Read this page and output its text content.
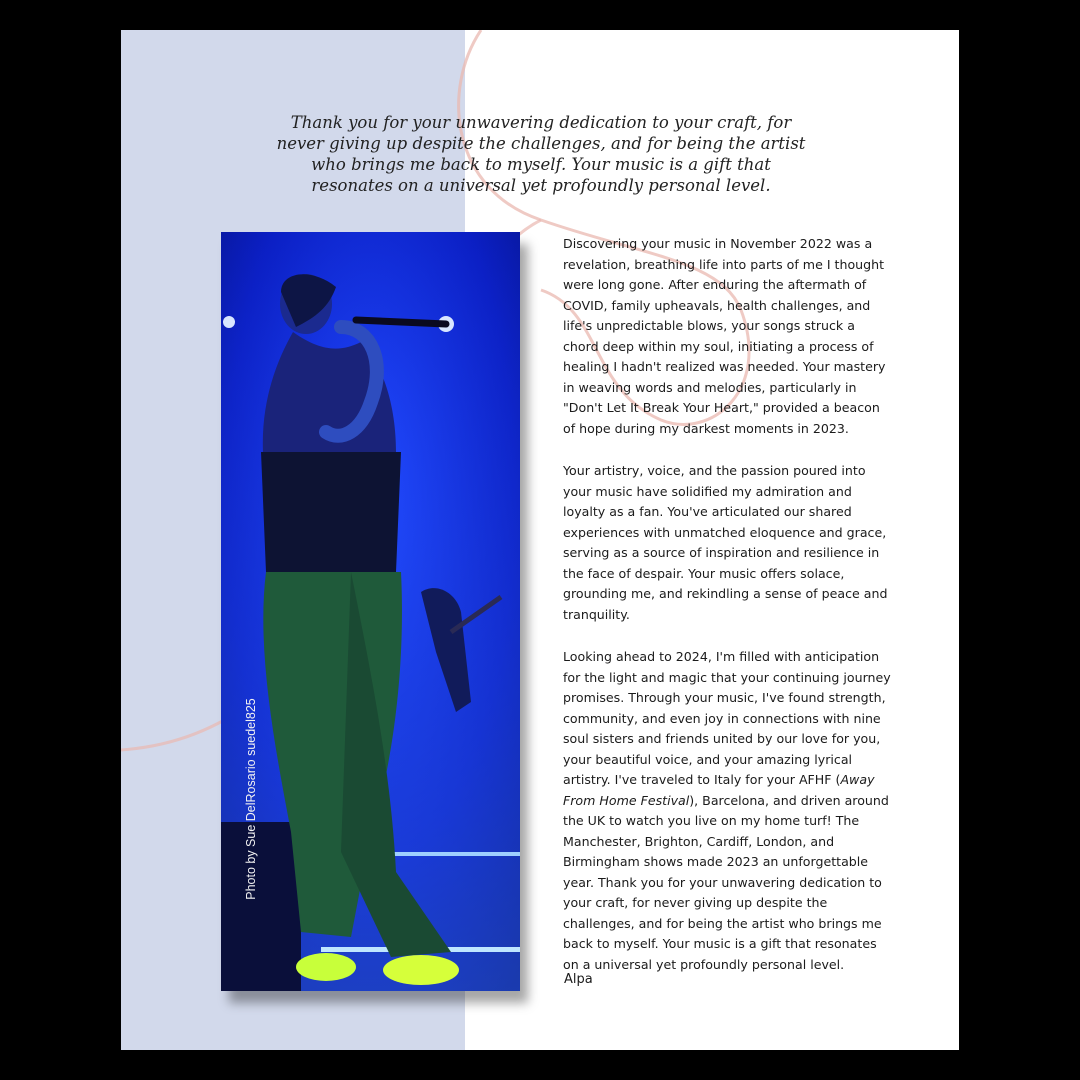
Thank you for your unwavering dedication to your craft, for never giving up despite the challenges, and for being the artist who brings me back to myself. Your music is a gift that resonates on a universal yet profoundly personal level.
Photo by Sue DelRosario suedel825

Discovering your music in November 2022 was a revelation, breathing life into parts of me I thought were long gone. After enduring the aftermath of COVID, family upheavals, health challenges, and life's unpredictable blows, your songs struck a chord deep within my soul, initiating a process of healing I hadn't realized was needed. Your mastery in weaving words and melodies, particularly in "Don't Let It Break Your Heart," provided a beacon of hope during my darkest moments in 2023.

Your artistry, voice, and the passion poured into your music have solidified my admiration and loyalty as a fan. You've articulated our shared experiences with unmatched eloquence and grace, serving as a source of inspiration and resilience in the face of despair. Your music offers solace, grounding me, and rekindling a sense of peace and tranquility.

Looking ahead to 2024, I'm filled with anticipation for the light and magic that your continuing journey promises. Through your music, I've found strength, community, and even joy in connections with nine soul sisters and friends united by our love for you, your beautiful voice, and your amazing lyrical artistry. I've traveled to Italy for your AFHF (Away From Home Festival), Barcelona, and driven around the UK to watch you live on my home turf! The Manchester, Brighton, Cardiff, London, and Birmingham shows made 2023 an unforgettable year. Thank you for your unwavering dedication to your craft, for never giving up despite the challenges, and for being the artist who brings me back to myself. Your music is a gift that resonates on a universal yet profoundly personal level.

Alpa
